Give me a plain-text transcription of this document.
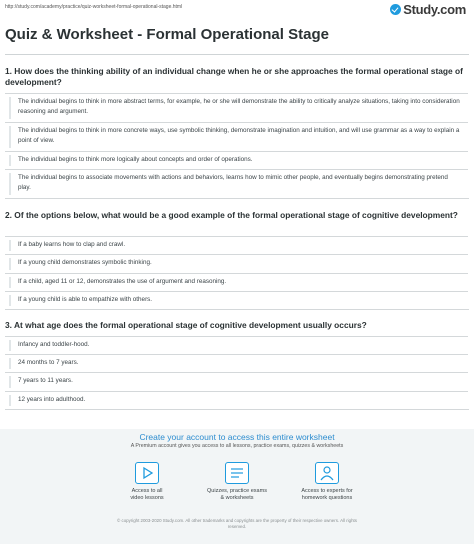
http://study.com/academy/practice/quiz-worksheet-formal-operational-stage.html	Study.com
Quiz & Worksheet - Formal Operational Stage
1. How does the thinking ability of an individual change when he or she approaches the formal operational stage of development?
The individual begins to think in more abstract terms, for example, he or she will demonstrate the ability to critically analyze situations, taking into consideration reasoning and argument.
The individual begins to think in more concrete ways, use symbolic thinking, demonstrate imagination and intuition, and will use grammar as a way to explain a point of view.
The individual begins to think more logically about concepts and order of operations.
The individual begins to associate movements with actions and behaviors, learns how to mimic other people, and eventually begins demonstrating pretend play.
2. Of the options below, what would be a good example of the formal operational stage of cognitive development?
If a baby learns how to clap and crawl.
If a young child demonstrates symbolic thinking.
If a child, aged 11 or 12, demonstrates the use of argument and reasoning.
If a young child is able to empathize with others.
3. At what age does the formal operational stage of cognitive development usually occurs?
Infancy and toddler-hood.
24 months to 7 years.
7 years to 11 years.
12 years into adulthood.
Create your account to access this entire worksheet
A Premium account gives you access to all lessons, practice exams, quizzes & worksheets
Access to all
video lessons
Quizzes, practice exams
& worksheets
Access to experts for
homework questions
© copyright 2003-2020 Study.com. All other trademarks and copyrights are the property of their respective owners. All rights
reserved.
